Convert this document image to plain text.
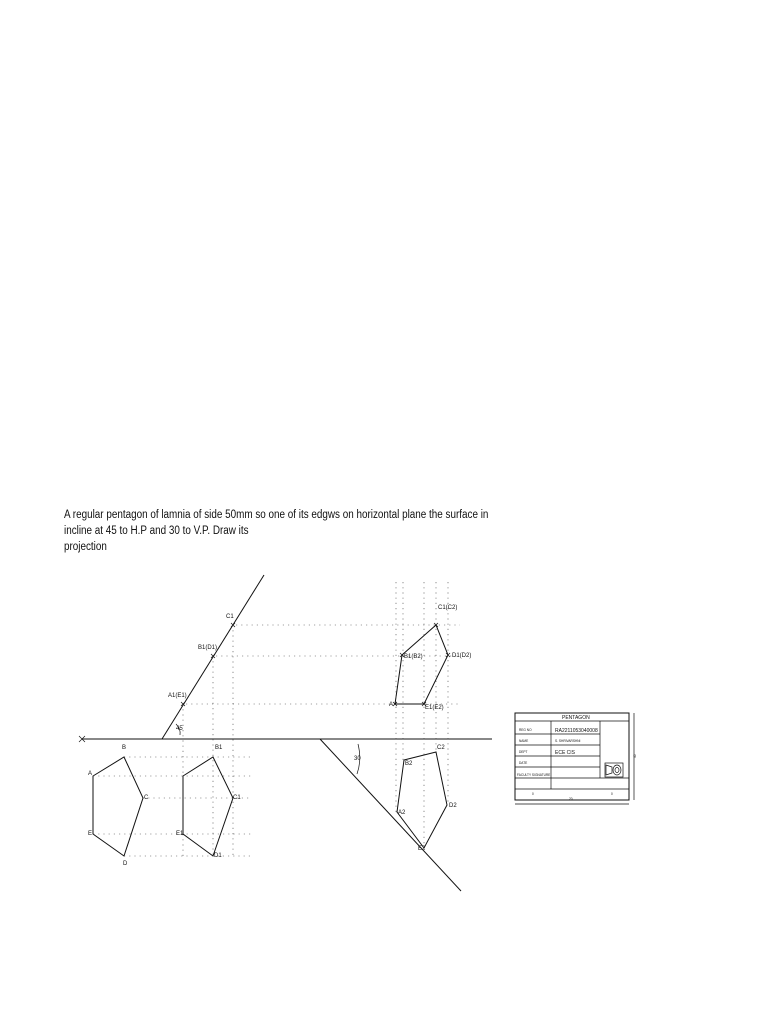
A regular pentagon of lamnia of side 50mm so one of its edgws on horizontal plane the surface in incline at 45 to H.P and 30 to V.P. Draw its
projection
B
A
C
E
D
45
C1
B1(D1)
A1(E1)
B1
C1
E1
D1
C1(C2)
B1(B2)	D1(D2)
A	E1(E2)
30
B2
C2
A2
D2
E2
PENTAGON
REG NO	RA2211053040008
NAME	S. SHRIVARSHNI
DEPT	ECE CIS
DATE
FACULTY SIGNATURE
40
0
20
0
